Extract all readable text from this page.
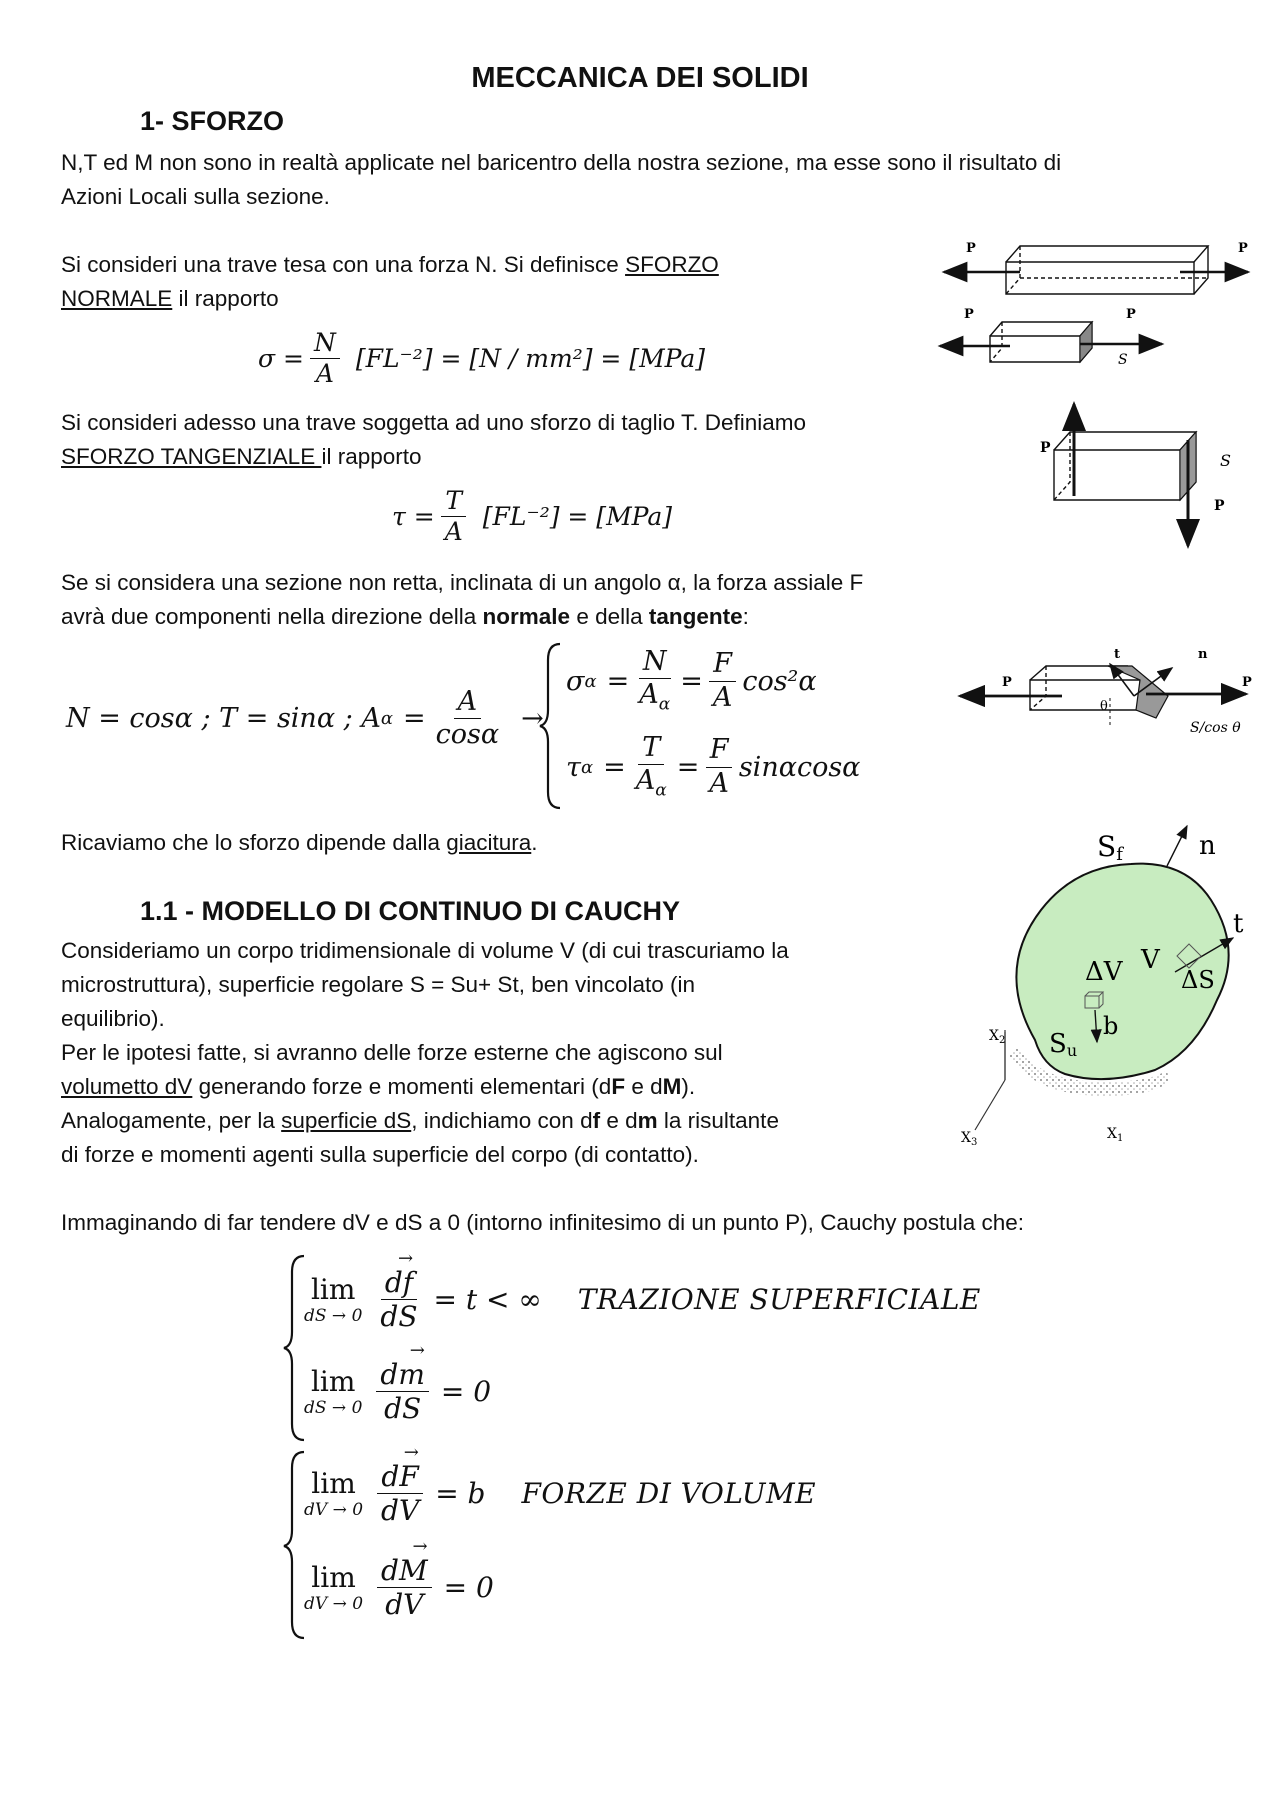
MECCANICA DEI SOLIDI
1- SFORZO
N,T ed M non sono in realtà applicate nel baricentro della nostra sezione, ma esse sono il risultato di
Azioni Locali sulla sezione.
Si consideri una trave tesa con una forza N. Si definisce SFORZO
NORMALE il rapporto
$\sigma = \frac{N}{A} [FL^{-2}] = [N / mm^2] = [MPa]$
Si consideri adesso una trave soggetta ad uno sforzo di taglio T. Definiamo
SFORZO TANGENZIALE il rapporto
$\tau = \frac{T}{A} [FL^{-2}] = [MPa]$
Se si considera una sezione non retta, inclinata di un angolo α, la forza assiale F
avrà due componenti nella direzione della normale e della tangente:
N = cosα ; T = sinα ; A $\alpha = \frac{A}{\cos\alpha}$ →
σ $\alpha = \frac{N}{A_\alpha} = \frac{F}{A} \cos^2\alpha$
τ $\alpha = \frac{T}{A_\alpha} = \frac{F}{A}$ sinαcosα
Ricaviamo che lo sforzo dipende dalla giacitura.
1.1 - MODELLO DI CONTINUO DI CAUCHY
Consideriamo un corpo tridimensionale di volume V (di cui trascuriamo la
microstruttura), superficie regolare S = Su+ St, ben vincolato (in
equilibrio).
Per le ipotesi fatte, si avranno delle forze esterne che agiscono sul
volumetto dV generando forze e momenti elementari (dF e dM).
Analogamente, per la superficie dS, indichiamo con df e dm la risultante
di forze e momenti agenti sulla superficie del corpo (di contatto).
Immaginando di far tendere dV e dS a 0 (intorno infinitesimo di un punto P), Cauchy postula che:
lim
dS → 0 df
→
dS = t < ∞ TRAZIONE SUPERFICIALE
lim
dS → 0 dm
→
dS = 0
lim
dV → 0 dF
→
dV = b FORZE DI VOLUME
lim
dV → 0 dM
→
dV = 0
P	P
P	P
S
P
P
S
P	P
t	n
θ
S/cos θ
Sf	n
t
ΔV V
ΔS
b
Su
$X_2$
$X_1$
$X_3$
